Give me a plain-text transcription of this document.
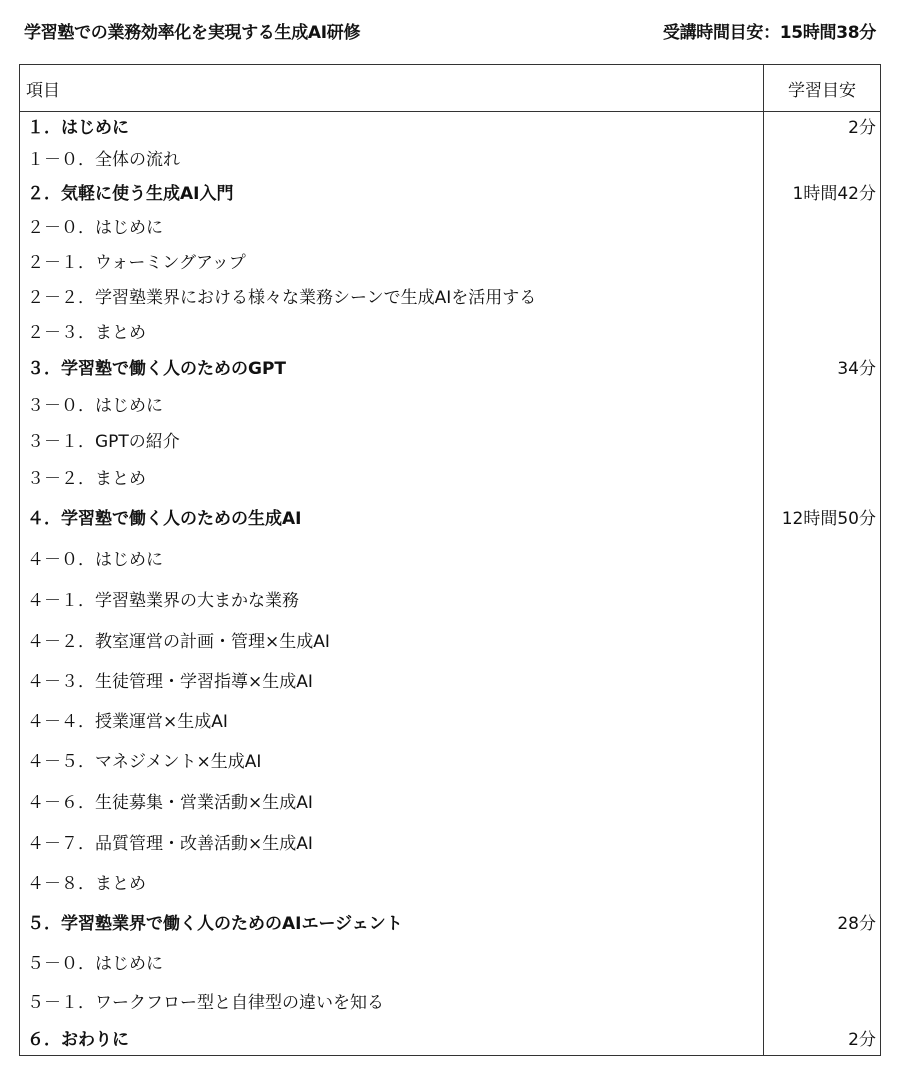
学習塾での業務効率化を実現する生成AI研修	受講時間目安：15時間38分
項目	学習目安
１．はじめに	2分
１－０．全体の流れ	
２．気軽に使う生成AI入門	1時間42分
２－０．はじめに	
２－１．ウォーミングアップ	
２－２．学習塾業界における様々な業務シーンで生成AIを活用する	
２－３．まとめ	
３．学習塾で働く人のためのGPT	34分
３－０．はじめに	
３－１．GPTの紹介	
３－２．まとめ	
４．学習塾で働く人のための生成AI	12時間50分
４－０．はじめに	
４－１．学習塾業界の大まかな業務	
４－２．教室運営の計画・管理×生成AI	
４－３．生徒管理・学習指導×生成AI	
４－４．授業運営×生成AI	
４－５．マネジメント×生成AI	
４－６．生徒募集・営業活動×生成AI	
４－７．品質管理・改善活動×生成AI	
４－８．まとめ	
５．学習塾業界で働く人のためのAIエージェント	28分
５－０．はじめに	
５－１．ワークフロー型と自律型の違いを知る	
６．おわりに	2分
